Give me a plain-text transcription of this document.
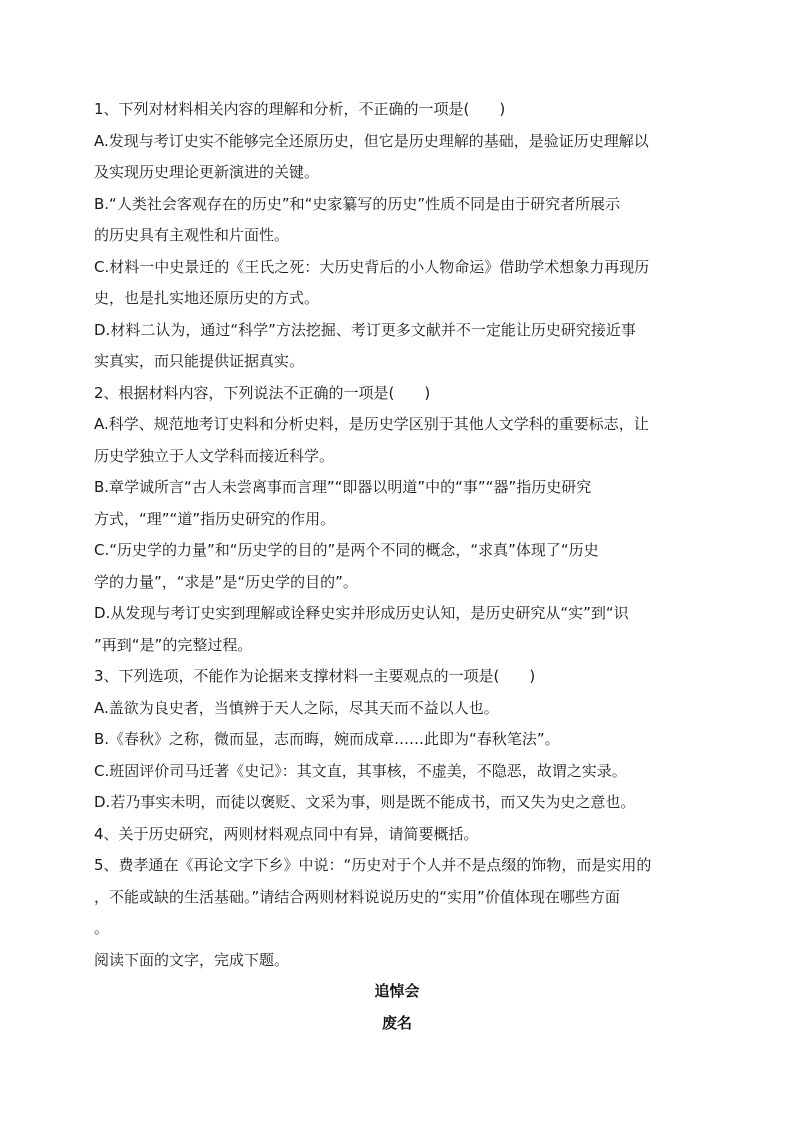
1、下列对材料相关内容的理解和分析，不正确的一项是(　　)
A.发现与考订史实不能够完全还原历史，但它是历史理解的基础，是验证历史理解以
及实现历史理论更新演进的关键。
B.“人类社会客观存在的历史”和“史家纂写的历史”性质不同是由于研究者所展示
的历史具有主观性和片面性。
C.材料一中史景迁的《王氏之死：大历史背后的小人物命运》借助学术想象力再现历
史，也是扎实地还原历史的方式。
D.材料二认为，通过“科学”方法挖掘、考订更多文献并不一定能让历史研究接近事
实真实，而只能提供证据真实。
2、根据材料内容，下列说法不正确的一项是(　　)
A.科学、规范地考订史料和分析史料，是历史学区别于其他人文学科的重要标志，让
历史学独立于人文学科而接近科学。
B.章学诚所言“古人未尝离事而言理”“即器以明道”中的“事”“器”指历史研究
方式，“理”“道”指历史研究的作用。
C.“历史学的力量”和“历史学的目的”是两个不同的概念，“求真”体现了“历史
学的力量”，“求是”是“历史学的目的”。
D.从发现与考订史实到理解或诠释史实并形成历史认知，是历史研究从“实”到“识
”再到“是”的完整过程。
3、下列选项，不能作为论据来支撑材料一主要观点的一项是(　　)
A.盖欲为良史者，当慎辨于天人之际，尽其天而不益以人也。
B.《春秋》之称，微而显，志而晦，婉而成章……此即为“春秋笔法”。
C.班固评价司马迁著《史记》：其文直，其事核，不虚美，不隐恶，故谓之实录。
D.若乃事实未明，而徒以褒贬、文采为事，则是既不能成书，而又失为史之意也。
4、关于历史研究，两则材料观点同中有异，请简要概括。
5、费孝通在《再论文字下乡》中说：“历史对于个人并不是点缀的饰物，而是实用的
，不能或缺的生活基础。”请结合两则材料说说历史的“实用”价值体现在哪些方面
。
阅读下面的文字，完成下题。
追悼会
废名
